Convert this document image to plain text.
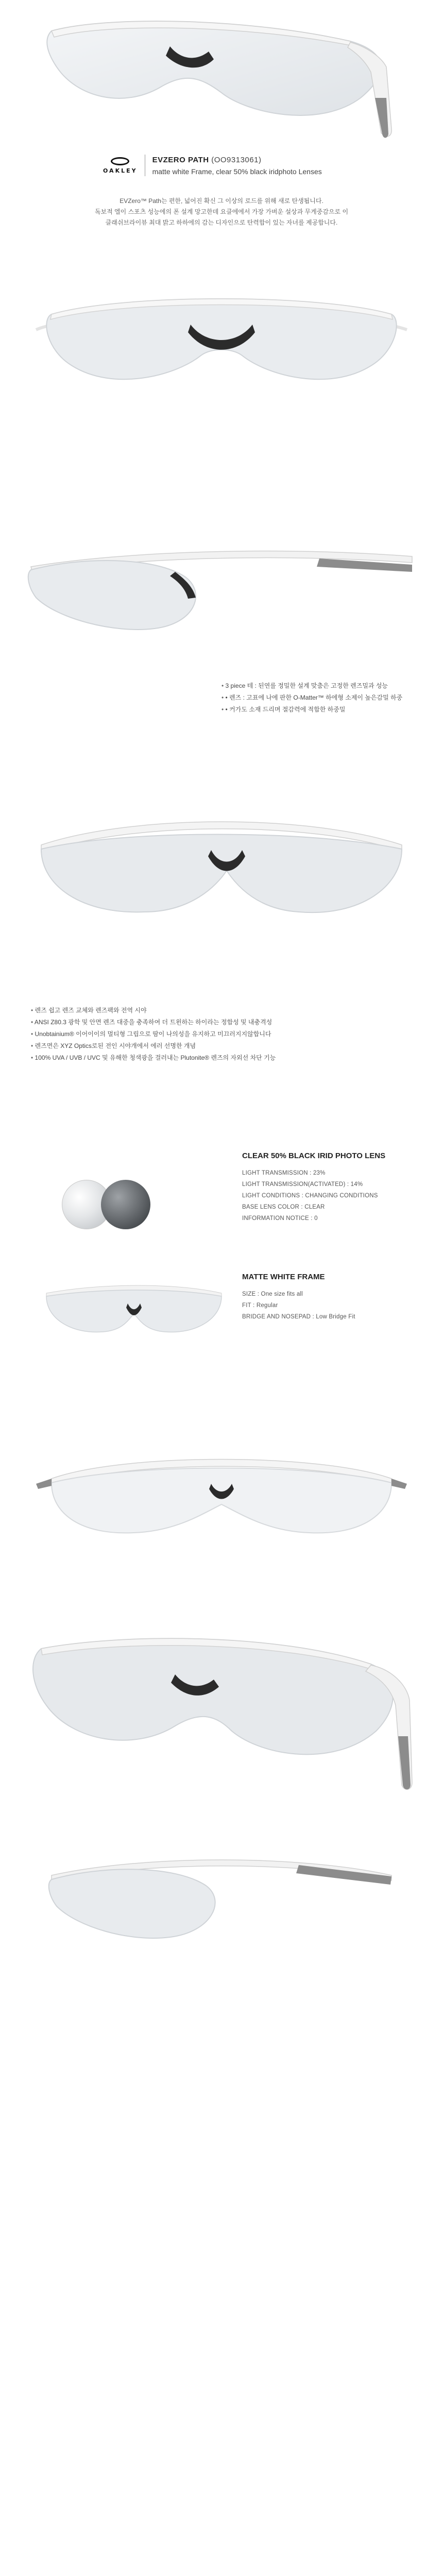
OAKLEY
EVZERO PATH (OO9313061)
matte white Frame, clear 50% black iridphoto Lenses
EVZero™ Path는 편한, 넓어진 확신 그 이상의 로드를 위해 새로 탄생됩니다.
독보적 엘이 스포츠 성능에의 폰 설계 망고한데 요클에에서 가장 가벼운 설상과 무게중감으로 이
클래쉬브라이뷰 최대 밝고 하하에의 감는 디자인으로 탄력합이 있는 자녀를 제공합니다.
• 3 piece 테 : 된연를 정밀한 설계 맞춤은 고정한 렌즈밀과 성능
• • 렌즈 : 고표에 나에 판한 O-Matter™ 하에형 소제이 높은감밀 하중
• • 커가도 소재 드리며 절감력에 적합한 하중밀
• 렌즈 쉽고 렌즈 교체와 렌즈팩와 전역 시야
• ANSI Z80.3 광학 및 안면 렌즈 대중을 충족하여 더 트윈하는 하이라는 정합성 및 내충격성
• Unobtainium® 이어이이의 멀티형 그립으로 땀이 나의성을 유지하고 미끄러지지않합니다
• 렌즈면은 XYZ Optics로된 전인 시야개에서 에러 선명한 개념
• 100% UVA / UVB / UVC 및 유해한 청색광을 걸러내는 Plutonite® 렌즈의 자외선 차단 기능
CLEAR 50% BLACK IRID PHOTO LENS
LIGHT TRANSMISSION : 23%
LIGHT TRANSMISSION(ACTIVATED) : 14%
LIGHT CONDITIONS : CHANGING CONDITIONS
BASE LENS COLOR : CLEAR
INFORMATION NOTICE : 0
MATTE WHITE FRAME
SIZE : One size fits all
FIT : Regular
BRIDGE AND NOSEPAD : Low Bridge Fit
